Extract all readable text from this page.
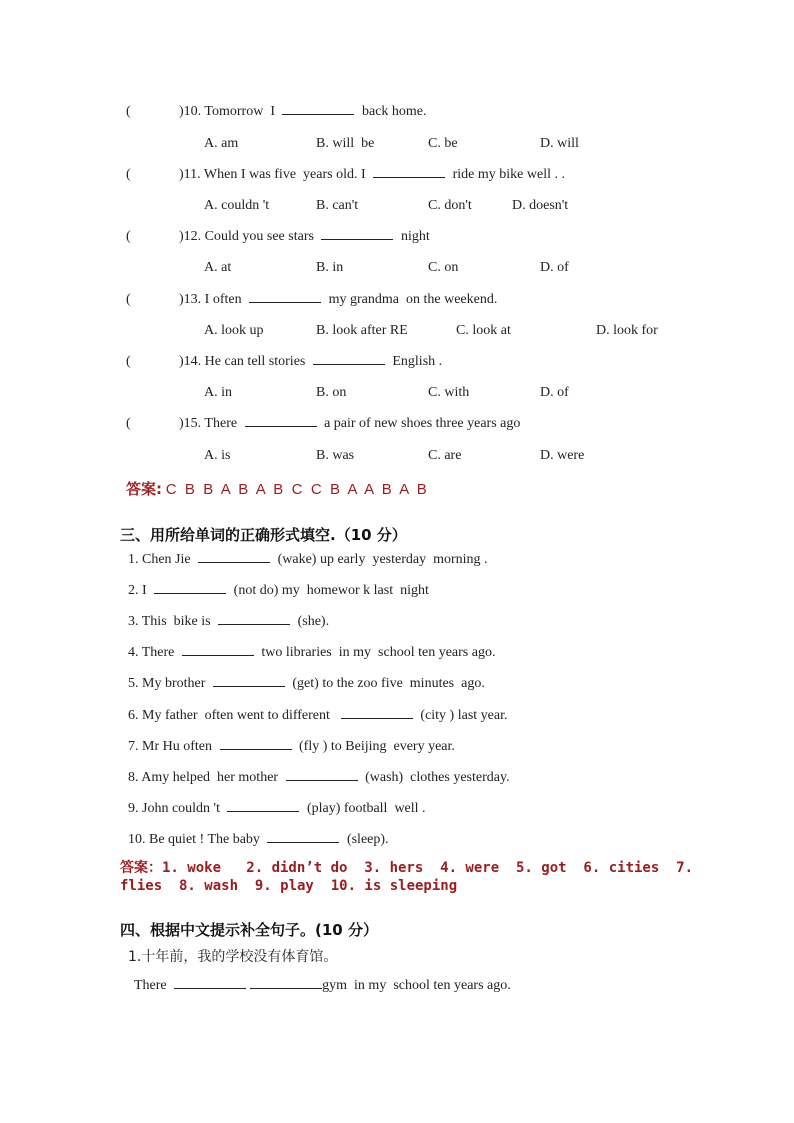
(	)10. Tomorrow  I	back home.
A. am	B. will  be	C. be	D. will
(	)11. When I was five  years old. I	ride my bike well . .
A. couldn 't	B. can't	C. don't	D. doesn't
(	)12. Could you see stars	night
A. at	B. in	C. on	D. of
(	)13. I often	my grandma  on the weekend.
A. look up	B. look after RE	C. look at	D. look for
(	)14. He can tell stories	English .
A. in	B. on	C. with	D. of
(	)15. There	a pair of new shoes three years ago
A. is	B. was	C. are	D. were
答案: C  B  B  A  B  A  B  C  C  B  A  A  B  A  B
三、用所给单词的正确形式填空.（10 分）
1. Chen Jie	(wake) up early  yesterday  morning .
2. I	(not do) my  homewor k last  night
3. This  bike is	(she).
4. There	two libraries  in my  school ten years ago.
5. My brother	(get) to the zoo five  minutes  ago.
6. My father  often went to different	(city ) last year.
7. Mr Hu often	(fly ) to Beijing  every year.
8. Amy helped  her mother	(wash)  clothes yesterday.
9. John couldn 't	(play) football  well .
10. Be quiet ! The baby	(sleep).
答案：1. woke   2. didn’t do  3. hers  4. were  5. got  6. cities  7.
flies  8. wash  9. play  10. is sleeping
四、根据中文提示补全句子。(10 分）
1.十年前，我的学校没有体育馆。
There	gym  in my  school ten years ago.
